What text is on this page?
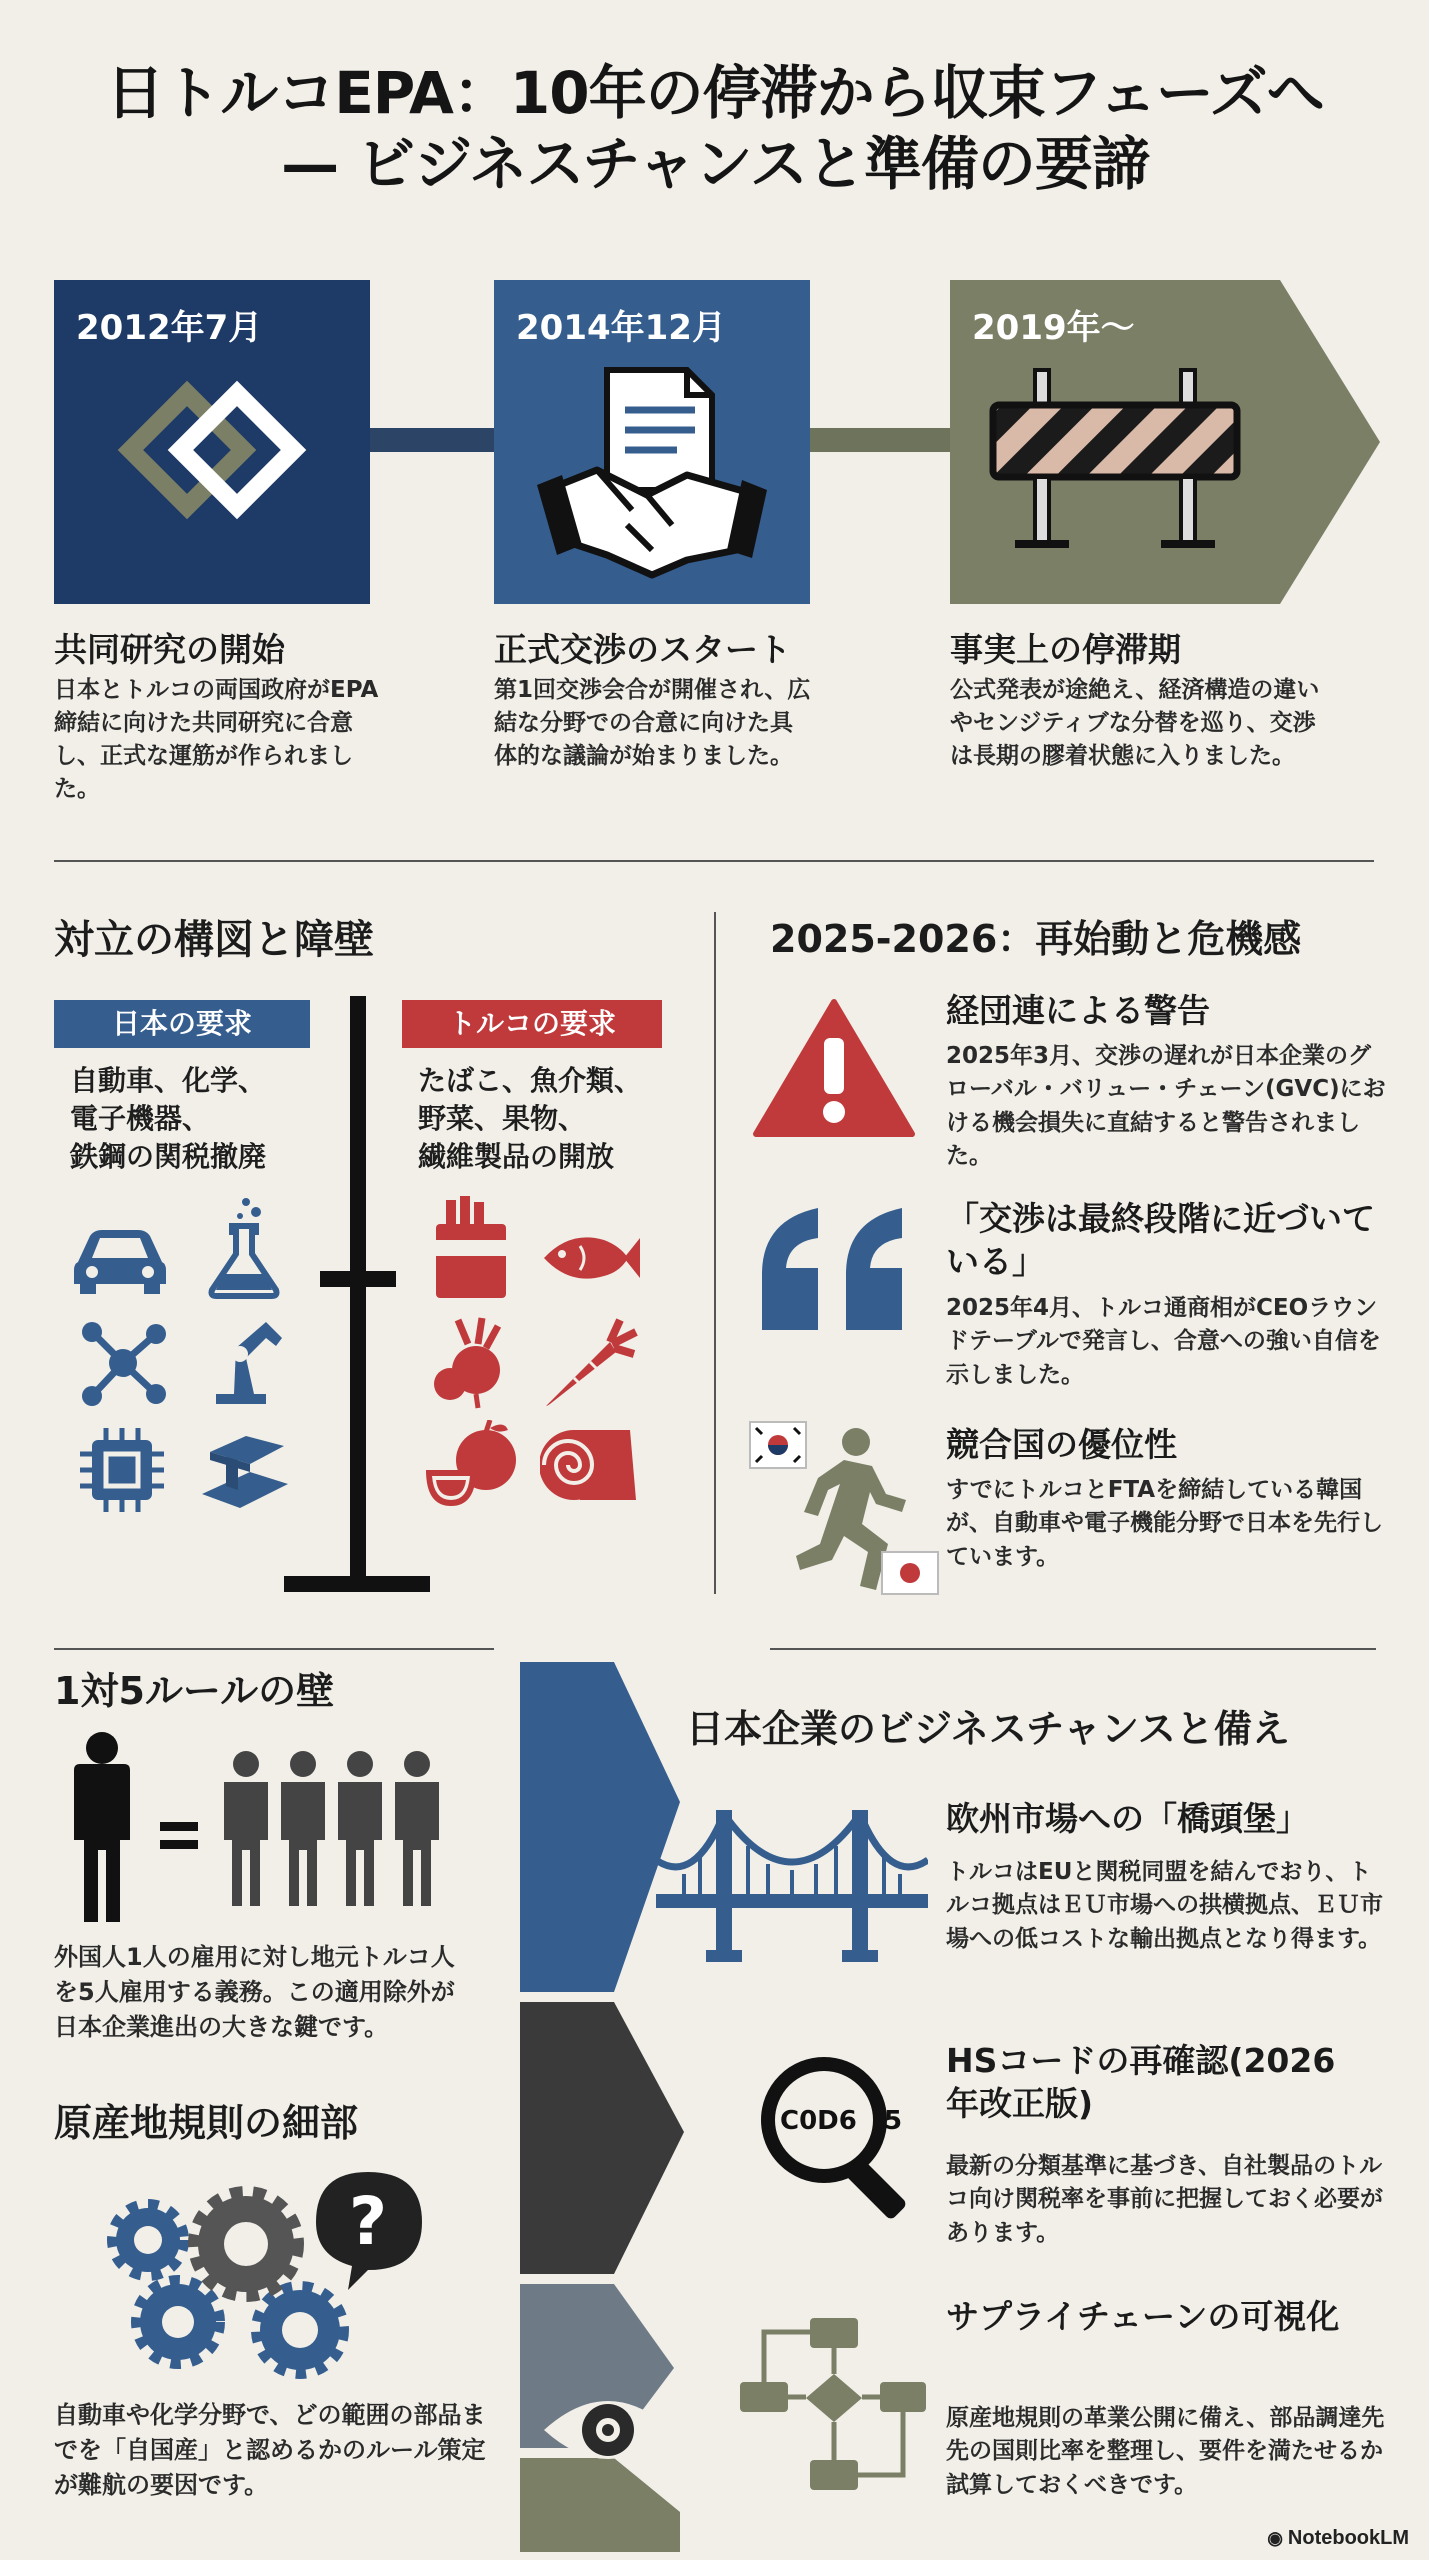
日トルコEPA：10年の停滞から収束フェーズへ
— ビジネスチャンスと準備の要諦
2012年7月	2014年12月	2019年～
共同研究の開始
日本とトルコの両国政府がEPA締結に向けた共同研究に合意し、正式な運筋が作られました。
正式交渉のスタート
第1回交渉会合が開催され、広結な分野での合意に向けた具体的な議論が始まりました。
事実上の停滞期
公式発表が途絶え、経済構造の違いやセンジティブな分替を巡り、交渉は長期の膠着状態に入りました。
対立の構図と障壁
日本の要求
自動車、化学、
電子機器、
鉄鋼の関税撤廃
トルコの要求
たばこ、魚介類、
野菜、果物、
繊維製品の開放
2025-2026：再始動と危機感
経団連による警告
2025年3月、交渉の遅れが日本企業のグローバル・バリュー・チェーン(GVC)における機会損失に直結すると警告されました。
「交渉は最終段階に近づいている」
2025年4月、トルコ通商相がCEOラウンドテーブルで発言し、合意への強い自信を示しました。
競合国の優位性
すでにトルコとFTAを締結している韓国が、自動車や電子機能分野で日本を先行しています。
1対5ルールの壁
外国人1人の雇用に対し地元トルコ人を5人雇用する義務。この適用除外が日本企業進出の大きな鍵です。
原産地規則の細部
?
自動車や化学分野で、どの範囲の部品までを「自国産」と認めるかのルール策定が難航の要因です。
日本企業のビジネスチャンスと備え
欧州市場への「橋頭堡」
トルコはEUと関税同盟を結んでおり、トルコ拠点はＥＵ市場への拱横拠点、ＥＵ市場への低コストな輸出拠点となり得ます。
C0D6 5
HSコードの再確認(2026年改正版)
最新の分類基準に基づき、自社製品のトルコ向け関税率を事前に把握しておく必要があります。
サプライチェーンの可視化
原産地規則の革業公開に備え、部品調達先先の国則比率を整理し、要件を満たせるか試算しておくべきです。
◉ NotebookLM
